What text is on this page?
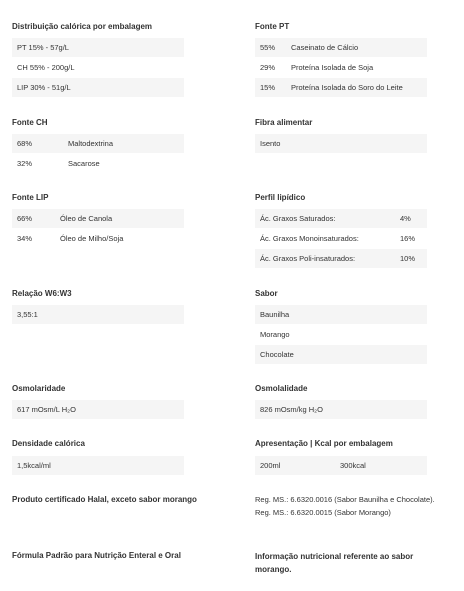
Distribuição calórica por embalagem
PT 15% - 57g/L
CH 55% - 200g/L
LIP 30% - 51g/L
Fonte CH
68%	Maltodextrina
32%	Sacarose
Fonte LIP
66%	Óleo de Canola
34%	Óleo de Milho/Soja
Relação W6:W3
3,55:1
Osmolaridade
617 mOsm/L H₂O
Densidade calórica
1,5kcal/ml
Produto certificado Halal, exceto sabor morango
Fórmula Padrão para Nutrição Enteral e Oral
Fonte PT
55% Caseinato de Cálcio
29% Proteína Isolada de Soja
15% Proteína Isolada do Soro do Leite
Fibra alimentar
Isento
Perfil lipídico
Ác. Graxos Saturados:	4%
Ác. Graxos Monoinsaturados:	16%
Ác. Graxos Poli-insaturados:	10%
Sabor
Baunilha
Morango
Chocolate
Osmolalidade
826 mOsm/kg H₂O
Apresentação | Kcal por embalagem
200ml	300kcal
Reg. MS.: 6.6320.0016 (Sabor Baunilha e Chocolate). Reg. MS.: 6.6320.0015 (Sabor Morango)
Informação nutricional referente ao sabor morango.
